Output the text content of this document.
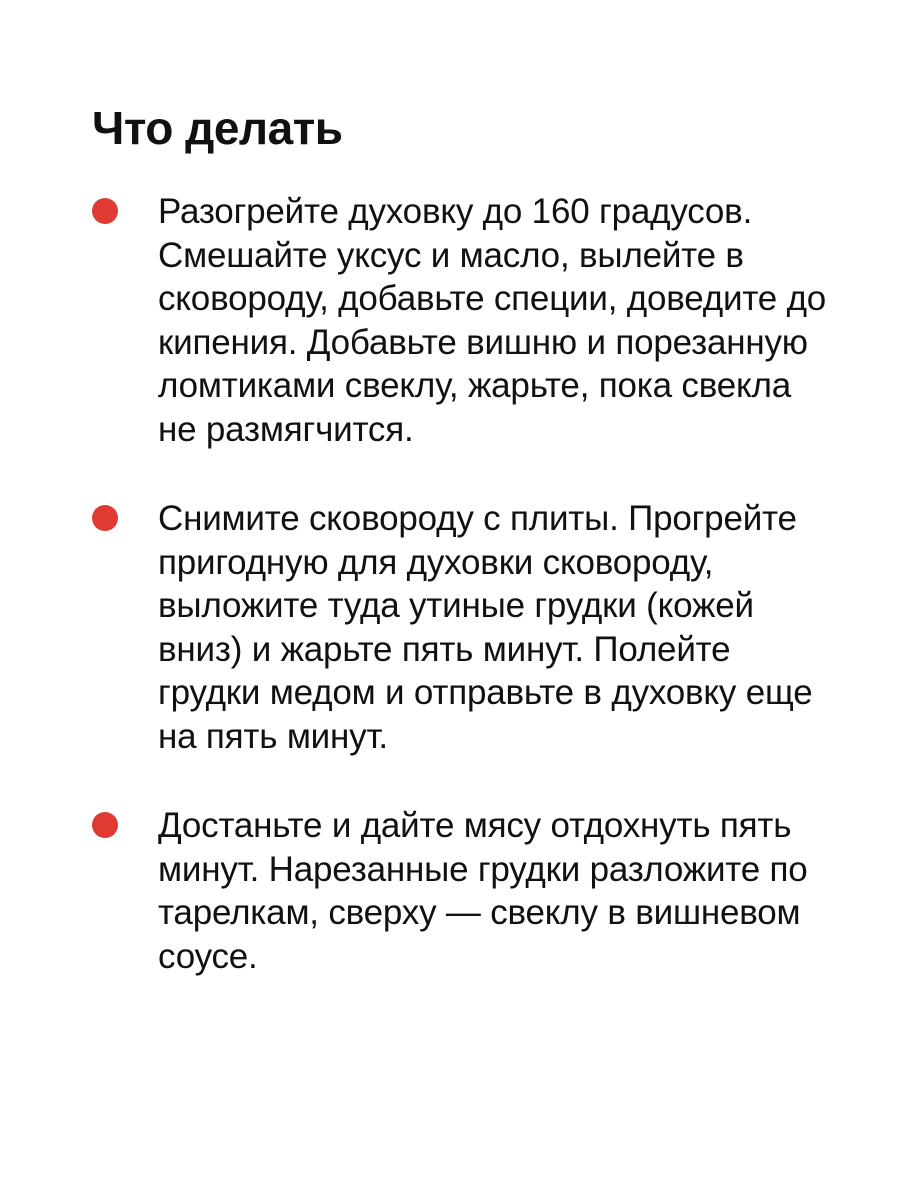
Что делать
Разогрейте духовку до 160 градусов. Смешайте уксус и масло, вылейте в сковороду, добавьте специи, доведите до кипения. Добавьте вишню и порезанную ломтиками свеклу, жарьте, пока свекла не размягчится.
Снимите сковороду с плиты. Прогрейте пригодную для духовки сковороду, выложите туда утиные грудки (кожей вниз) и жарьте пять минут. Полейте грудки медом и отправьте в духовку еще на пять минут.
Достаньте и дайте мясу отдохнуть пять минут. Нарезанные грудки разложите по тарелкам, сверху — свеклу в вишневом соусе.
